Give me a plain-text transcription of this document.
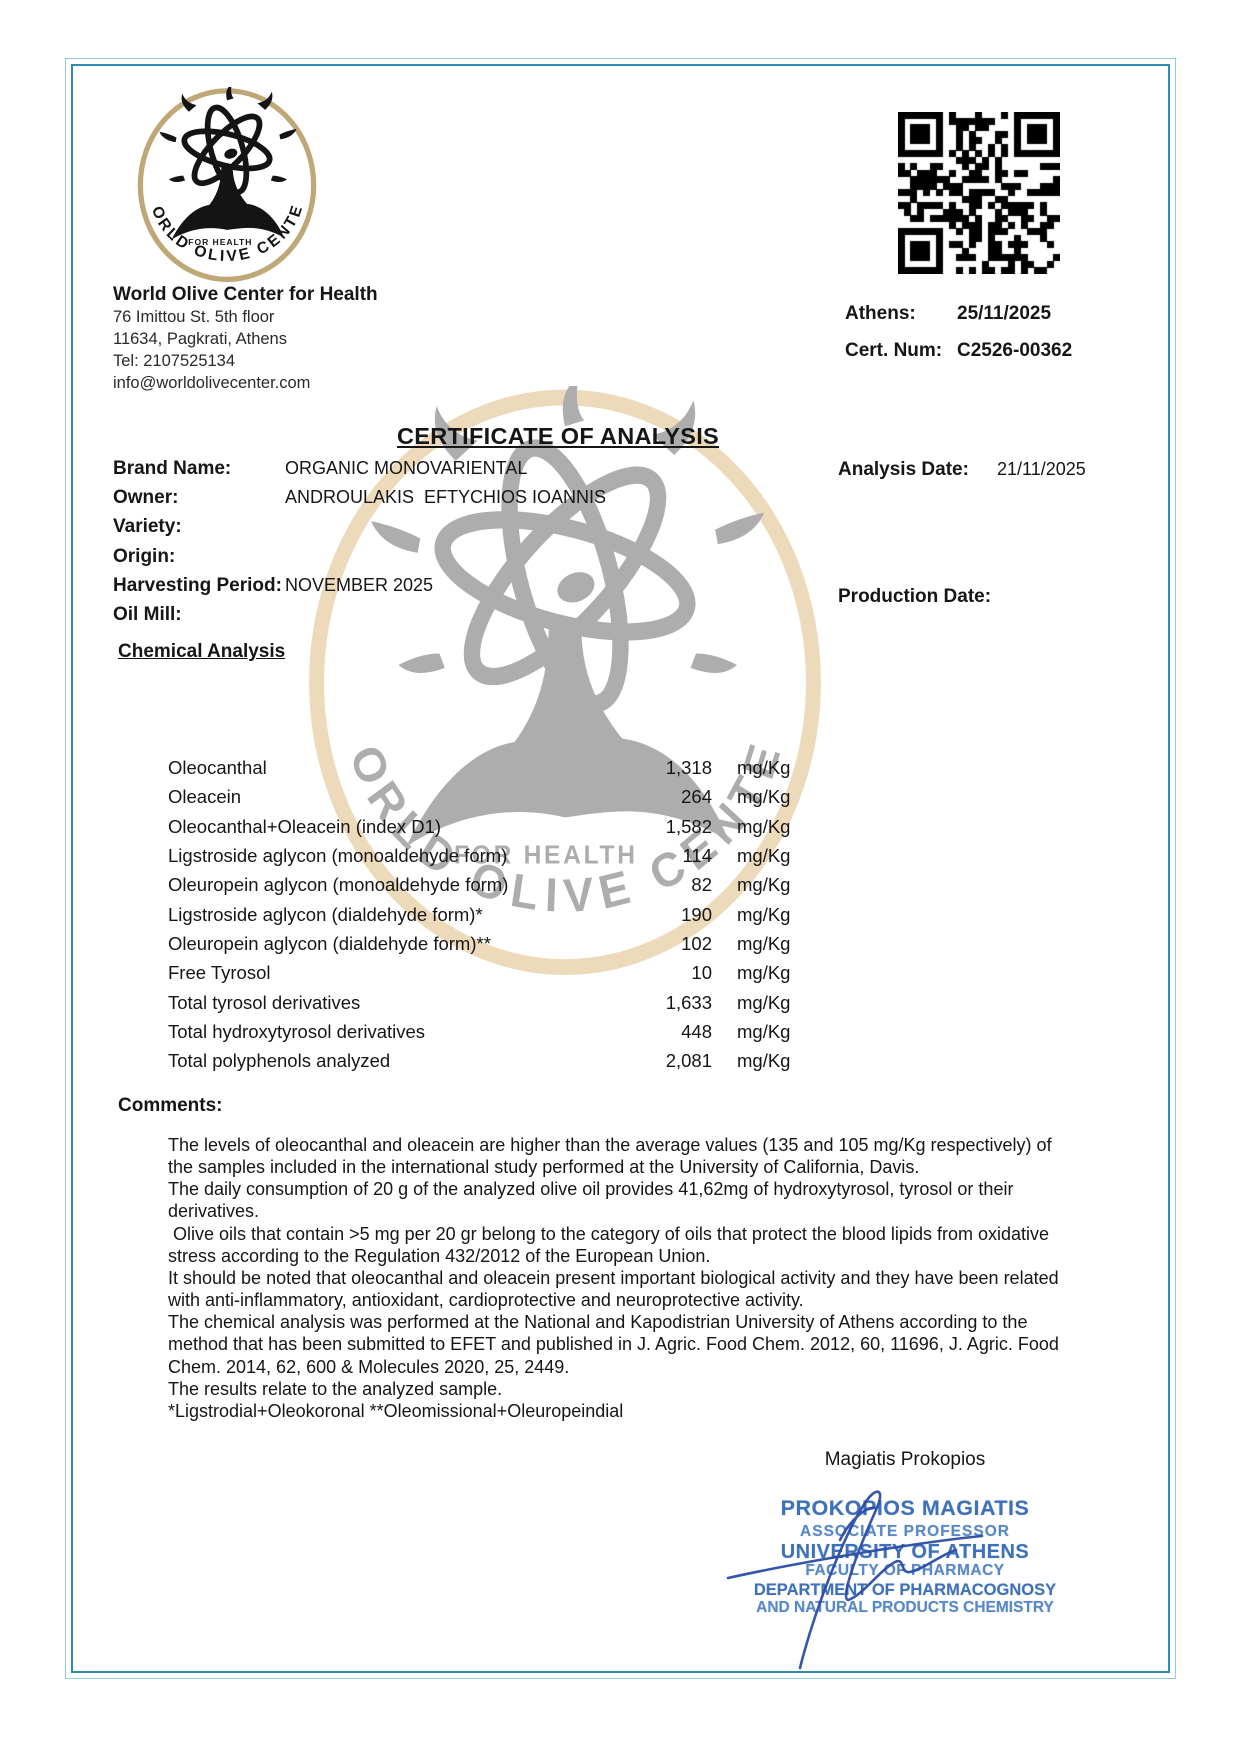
World Olive Center for Health
76 Imittou St. 5th floor
11634, Pagkrati, Athens
Tel: 2107525134
info@worldolivecenter.com
Athens: 25/11/2025
Cert. Num: C2526-00362
CERTIFICATE OF ANALYSIS
Brand Name:	ORGANIC MONOVARIENTAL
Owner:	ANDROULAKIS  EFTYCHIOS IOANNIS
Variety:
Origin:
Harvesting Period: NOVEMBER 2025
Oil Mill:
Analysis Date: 21/11/2025
Production Date:
Chemical Analysis
Oleocanthal	1,318 mg/Kg
Oleacein	264 mg/Kg
Oleocanthal+Oleacein (index D1)	1,582 mg/Kg
Ligstroside aglycon (monoaldehyde form)	114 mg/Kg
Oleuropein aglycon (monoaldehyde form)	82 mg/Kg
Ligstroside aglycon (dialdehyde form)*	190 mg/Kg
Oleuropein aglycon (dialdehyde form)**	102 mg/Kg
Free Tyrosol	10 mg/Kg
Total tyrosol derivatives	1,633 mg/Kg
Total hydroxytyrosol derivatives	448 mg/Kg
Total polyphenols analyzed	2,081 mg/Kg
Comments:
The levels of oleocanthal and oleacein are higher than the average values (135 and 105 mg/Kg respectively) of
the samples included in the international study performed at the University of California, Davis.
The daily consumption of 20 g of the analyzed olive oil provides 41,62mg of hydroxytyrosol, tyrosol or their
derivatives.
Olive oils that contain >5 mg per 20 gr belong to the category of oils that protect the blood lipids from oxidative
stress according to the Regulation 432/2012 of the European Union.
It should be noted that oleocanthal and oleacein present important biological activity and they have been related
with anti-inflammatory, antioxidant, cardioprotective and neuroprotective activity.
The chemical analysis was performed at the National and Kapodistrian University of Athens according to the
method that has been submitted to EFET and published in J. Agric. Food Chem. 2012, 60, 11696, J. Agric. Food
Chem. 2014, 62, 600 & Molecules 2020, 25, 2449.
The results relate to the analyzed sample.
*Ligstrodial+Oleokoronal **Oleomissional+Oleuropeindial
Magiatis Prokopios
PROKOPIOS MAGIATIS
ASSOCIATE PROFESSOR
UNIVERSITY OF ATHENS
FACULTY OF PHARMACY
DEPARTMENT OF PHARMACOGNOSY
AND NATURAL PRODUCTS CHEMISTRY
